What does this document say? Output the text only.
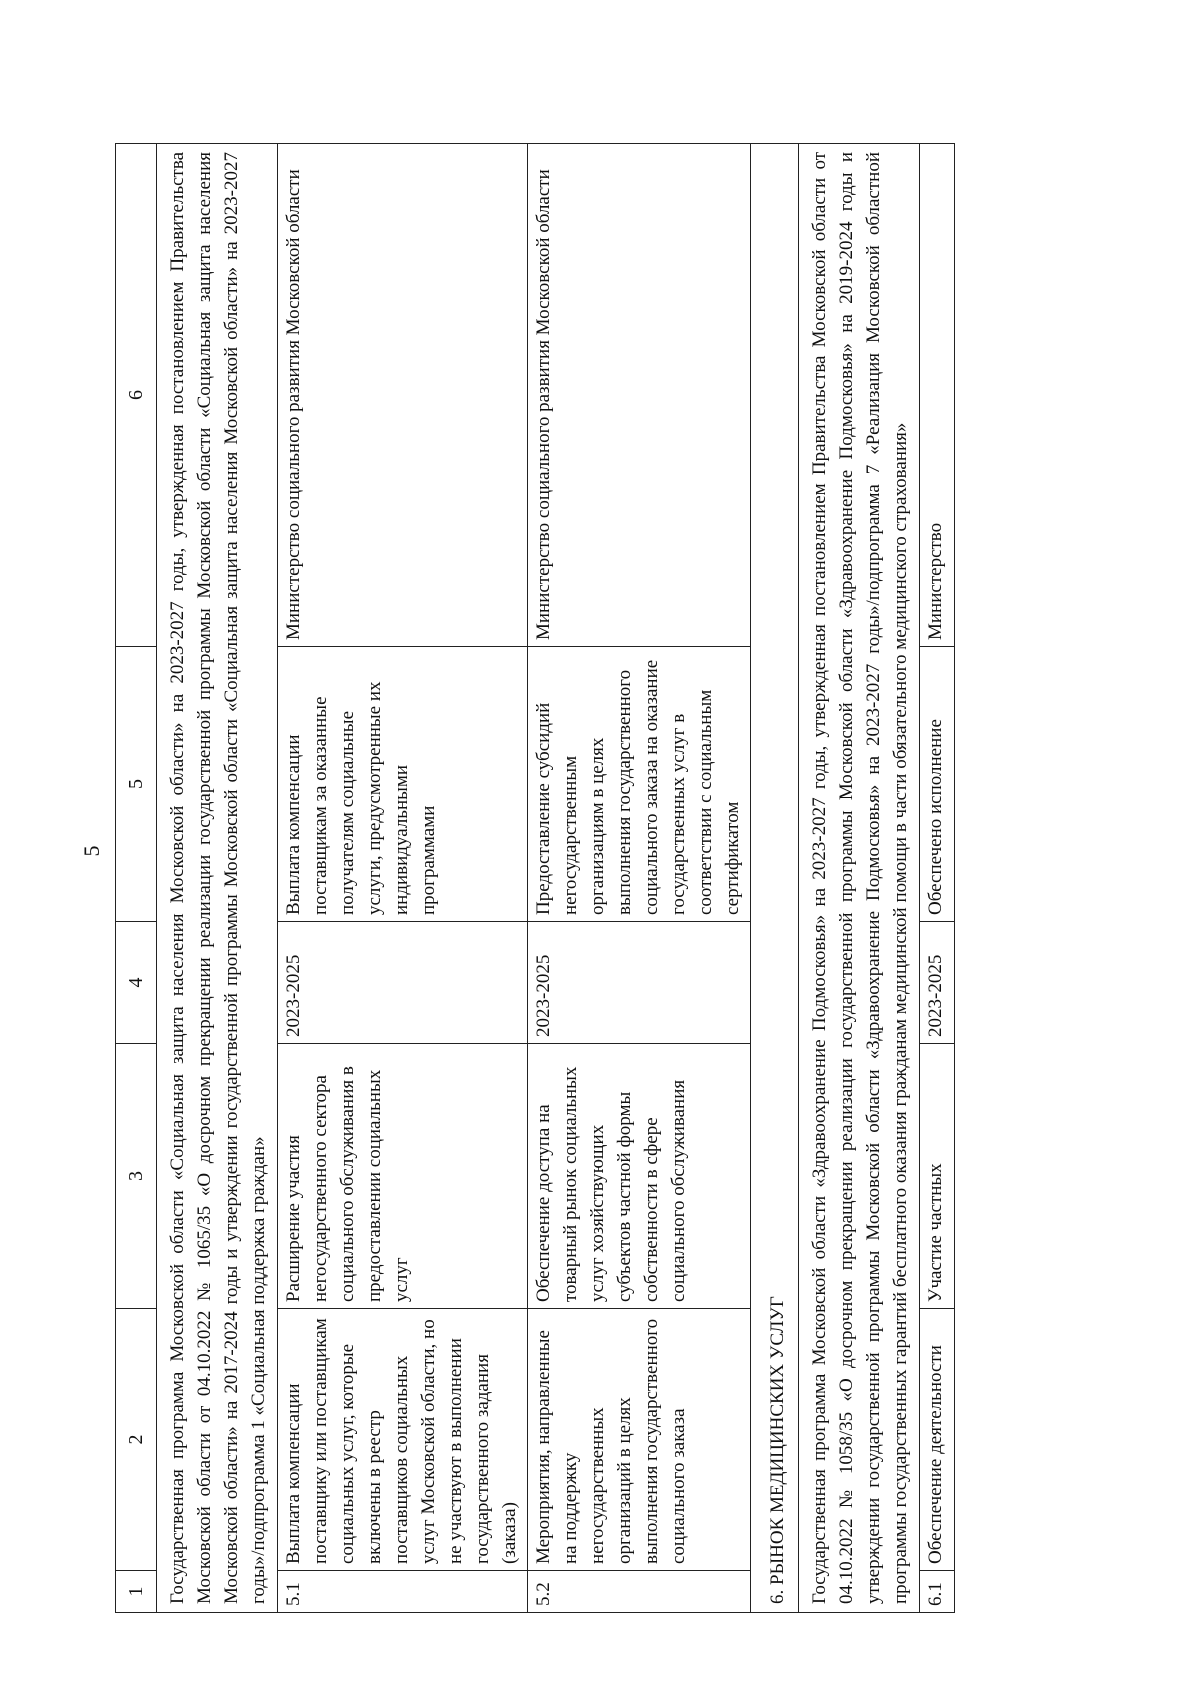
5
1	2	3	4	5	6
Государственная программа Московской области «Социальная защита населения Московской области» на 2023-2027 годы, утвержденная постановлением Правительства Московской области от 04.10.2022 № 1065/35 «О досрочном прекращении реализации государственной программы Московской области «Социальная защита населения Московской области» на 2017-2024 годы и утверждении государственной программы Московской области «Социальная защита населения Московской области» на 2023-2027 годы»/подпрограмма 1 «Социальная поддержка граждан»					
5.1	Выплата компенсации поставщику или поставщикам социальных услуг, которые включены в реестр поставщиков социальных услуг Московской области, но не участвуют в выполнении государственного задания (заказа)	Расширение участия негосударственного сектора социального обслуживания в предоставлении социальных услуг	2023-2025	Выплата компенсации поставщикам за оказанные получателям социальные услуги, предусмотренные их индивидуальными программами	Министерство социального развития Московской области
5.2	Мероприятия, направленные на поддержку негосударственных организаций в целях выполнения государственного социального заказа	Обеспечение доступа на товарный рынок социальных услуг хозяйствующих субъектов частной формы собственности в сфере социального обслуживания	2023-2025	Предоставление субсидий негосударственным организациям в целях выполнения государственного социального заказа на оказание государственных услуг в соответствии с социальным сертификатом	Министерство социального развития Московской области
6. РЫНОК МЕДИЦИНСКИХ УСЛУГ					
Государственная программа Московской области «Здравоохранение Подмосковья» на 2023-2027 годы, утвержденная постановлением Правительства Московской области от 04.10.2022 № 1058/35 «О досрочном прекращении реализации государственной программы Московской области «Здравоохранение Подмосковья» на 2019-2024 годы и утверждении государственной программы Московской области «Здравоохранение Подмосковья» на 2023-2027 годы»/подпрограмма 7 «Реализация Московской областной программы государственных гарантий бесплатного оказания гражданам медицинской помощи в части обязательного медицинского страхования»					
6.1	Обеспечение деятельности	Участие частных	2023-2025	Обеспечено исполнение	Министерство
